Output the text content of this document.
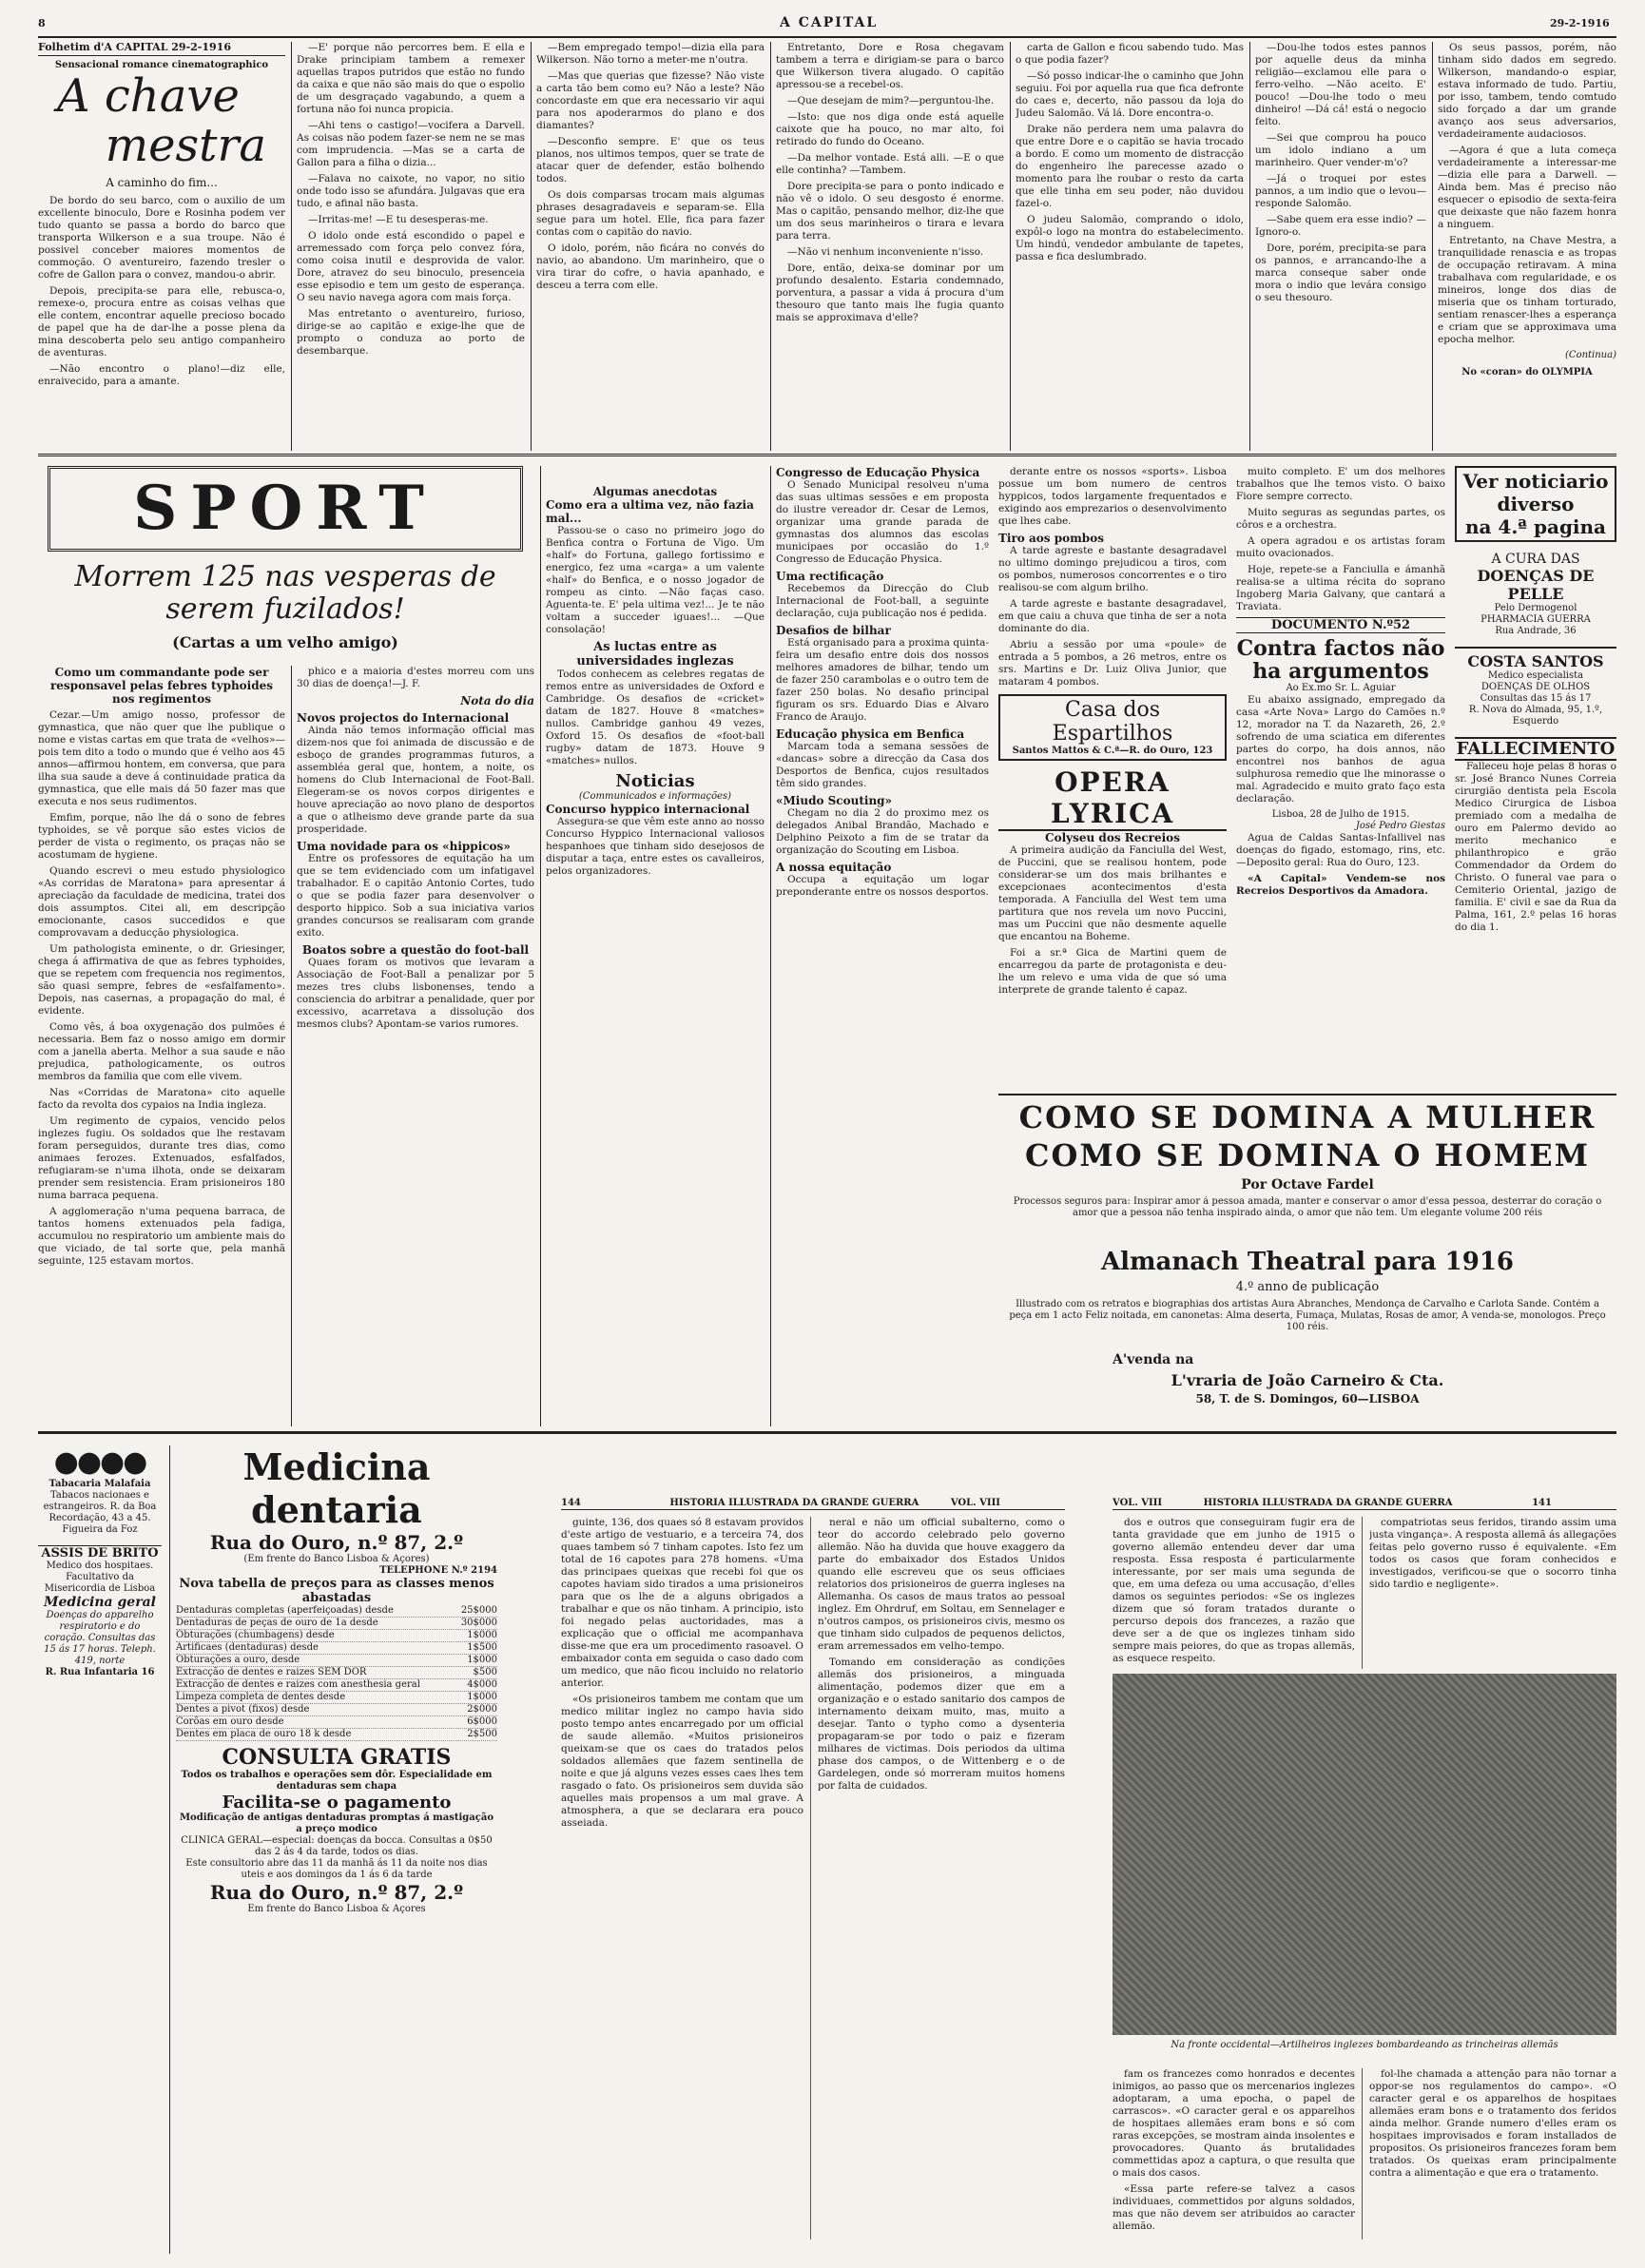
8	A CAPITAL	29-2-1916
Folhetim d'A CAPITAL 29-2-1916
Sensacional romance cinematographico
A chave
mestra
A caminho do fim...

De bordo do seu barco, com o auxilio de um excellente binoculo, Dore e Rosinha podem ver tudo quanto se passa a bordo do barco que transporta Wilkerson e a sua troupe. Não é possivel conceber maiores momentos de commoção. O aventureiro, fazendo tresler o cofre de Gallon para o convez, mandou-o abrir.

Depois, precipita-se para elle, rebusca-o, remexe-o, procura entre as coisas velhas que elle contem, encontrar aquelle precioso bocado de papel que ha de dar-lhe a posse plena da mina descoberta pelo seu antigo companheiro de aventuras.

—Não encontro o plano!—diz elle, enraivecido, para a amante.

—E' porque não percorres bem. E ella e Drake principiam tambem a remexer aquellas trapos putridos que estão no fundo da caixa e que não são mais do que o espolio de um desgraçado vagabundo, a quem a fortuna não foi nunca propicia.

—Ahi tens o castigo!—vocifera a Darvell. As coisas não podem fazer-se nem ne se mas com imprudencia. —Mas se a carta de Gallon para a filha o dizia...

—Falava no caixote, no vapor, no sitio onde todo isso se afundára. Julgavas que era tudo, e afinal não basta.

—Irritas-me! —E tu desesperas-me.

O idolo onde está escondido o papel e arremessado com força pelo convez fóra, como coisa inutil e desprovida de valor. Dore, atravez do seu binoculo, presenceia esse episodio e tem um gesto de esperança. O seu navio navega agora com mais força.

Mas entretanto o aventureiro, furioso, dirige-se ao capitão e exige-lhe que de prompto o conduza ao porto de desembarque.

—Bem empregado tempo!—dizia ella para Wilkerson. Não torno a meter-me n'outra.

—Mas que querias que fizesse? Não viste a carta tão bem como eu? Não a leste? Não concordaste em que era necessario vir aqui para nos apoderarmos do plano e dos diamantes?

—Desconfio sempre. E' que os teus planos, nos ultimos tempos, quer se trate de atacar quer de defender, estão bolhendo todos.

Os dois comparsas trocam mais algumas phrases desagradaveis e separam-se. Ella segue para um hotel. Elle, fica para fazer contas com o capitão do navio.

O idolo, porém, não ficára no convés do navio, ao abandono. Um marinheiro, que o vira tirar do cofre, o havia apanhado, e desceu a terra com elle.

Entretanto, Dore e Rosa chegavam tambem a terra e dirigiam-se para o barco que Wilkerson tivera alugado. O capitão apressou-se a recebel-os.

—Que desejam de mim?—perguntou-lhe.

—Isto: que nos diga onde está aquelle caixote que ha pouco, no mar alto, foi retirado do fundo do Oceano.

—Da melhor vontade. Está alli. —E o que elle continha? —Tambem.

Dore precipita-se para o ponto indicado e não vê o idolo. O seu desgosto é enorme. Mas o capitão, pensando melhor, diz-lhe que um dos seus marinheiros o tirara e levara para terra.

—Não vi nenhum inconveniente n'isso.

Dore, então, deixa-se dominar por um profundo desalento. Estaria condemnado, porventura, a passar a vida á procura d'um thesouro que tanto mais lhe fugia quanto mais se approximava d'elle?

carta de Gallon e ficou sabendo tudo. Mas o que podia fazer?

—Só posso indicar-lhe o caminho que John seguiu. Foi por aquella rua que fica defronte do caes e, decerto, não passou da loja do Judeu Salomão. Vá lá. Dore encontra-o.

Drake não perdera nem uma palavra do que entre Dore e o capitão se havia trocado a bordo. E como um momento de distracção do engenheiro lhe parecesse azado o momento para lhe roubar o resto da carta que elle tinha em seu poder, não duvidou fazel-o.

O judeu Salomão, comprando o idolo, expôl-o logo na montra do estabelecimento. Um hindú, vendedor ambulante de tapetes, passa e fica deslumbrado.

—Dou-lhe todos estes pannos por aquelle deus da minha religião—exclamou elle para o ferro-velho. —Não aceito. E' pouco! —Dou-lhe todo o meu dinheiro! —Dá cá! está o negocio feito.

—Sei que comprou ha pouco um idolo indiano a um marinheiro. Quer vender-m'o?

—Já o troquei por estes pannos, a um indio que o levou—responde Salomão.

—Sabe quem era esse indio? —Ignoro-o.

Dore, porém, precipita-se para os pannos, e arrancando-lhe a marca conseque saber onde mora o indio que levára consigo o seu thesouro.

Os seus passos, porém, não tinham sido dados em segredo. Wilkerson, mandando-o espiar, estava informado de tudo. Partiu, por isso, tambem, tendo comtudo sido forçado a dar um grande avanço aos seus adversarios, verdadeiramente audaciosos.

—Agora é que a luta começa verdadeiramente a interessar-me—dizia elle para a Darwell. —Ainda bem. Mas é preciso não esquecer o episodio de sexta-feira que deixaste que não fazem honra a ninguem.

Entretanto, na Chave Mestra, a tranquilidade renascia e as tropas de occupação retiravam. A mina trabalhava com regularidade, e os mineiros, longe dos dias de miseria que os tinham torturado, sentiam renascer-lhes a esperança e criam que se approximava uma epocha melhor.

(Continua)
No «coran» do OLYMPIA
SPORT
Morrem 125 nas vesperas de serem fuzilados!
(Cartas a um velho amigo)
Como um commandante pode ser responsavel pelas febres typhoides nos regimentos

Cezar.—Um amigo nosso, professor de gymnastica, que não quer que lhe publique o nome e vistas cartas em que trata de «velhos»—pois tem dito a todo o mundo que é velho aos 45 annos—affirmou hontem, em conversa, que para ilha sua saude a deve á continuidade pratica da gymnastica, que elle mais dá 50 fazer mas que executa e nos seus rudimentos.

Emfim, porque, não lhe dá o sono de febres typhoides, se vê porque são estes vicios de perder de vista o regimento, os praças não se acostumam de hygiene.

Quando escrevi o meu estudo physiologico «As corridas de Maratona» para apresentar á apreciação da faculdade de medicina, tratei dos dois assumptos. Citei ali, em descripção emocionante, casos succedidos e que comprovavam a deducção physiologica.

Um pathologista eminente, o dr. Griesinger, chega á affirmativa de que as febres typhoides, que se repetem com frequencia nos regimentos, são quasi sempre, febres de «esfalfamento». Depois, nas casernas, a propagação do mal, é evidente.

Como vês, á boa oxygenação dos pulmões é necessaria. Bem faz o nosso amigo em dormir com a janella aberta. Melhor a sua saude e não prejudica, pathologicamente, os outros membros da familia que com elle vivem.

Nas «Corridas de Maratona» cito aquelle facto da revolta dos cypaios na India ingleza.

Um regimento de cypaios, vencido pelos inglezes fugiu. Os soldados que lhe restavam foram perseguidos, durante tres dias, como animaes ferozes. Extenuados, esfalfados, refugiaram-se n'uma ilhota, onde se deixaram prender sem resistencia. Eram prisioneiros 180 numa barraca pequena.

A agglomeração n'uma pequena barraca, de tantos homens extenuados pela fadiga, accumulou no respiratorio um ambiente mais do que viciado, de tal sorte que, pela manhã seguinte, 125 estavam mortos.

phico e a maioria d'estes morreu com uns 30 dias de doença!—J. F.

Nota do dia
Novos projectos do Internacional

Ainda não temos informação official mas dizem-nos que foi animada de discussão e de esboço de grandes programmas futuros, a assembléa geral que, hontem, a noite, os homens do Club Internacional de Foot-Ball. Elegeram-se os novos corpos dirigentes e houve apreciação ao novo plano de desportos a que o atlheismo deve grande parte da sua prosperidade.

Uma novidade para os «hippicos»

Entre os professores de equitação ha um que se tem evidenciado com um infatigavel trabalhador. E o capitão Antonio Cortes, tudo o que se podia fazer para desenvolver o desporto hippico. Sob a sua iniciativa varios grandes concursos se realisaram com grande exito.

Boatos sobre a questão do foot-ball

Quaes foram os motivos que levaram a Associação de Foot-Ball a penalizar por 5 mezes tres clubs lisbonenses, tendo a consciencia do arbitrar a penalidade, quer por excessivo, acarretava a dissolução dos mesmos clubs? Apontam-se varios rumores.

Algumas anecdotas
Como era a ultima vez, não fazia mal...

Passou-se o caso no primeiro jogo do Benfica contra o Fortuna de Vigo. Um «half» do Fortuna, gallego fortissimo e energico, fez uma «carga» a um valente «half» do Benfica, e o nosso jogador de rompeu as cinto. —Não faças caso. Aguenta-te. E' pela ultima vez!... Je te não voltam a succeder iguaes!... —Que consolação!

As luctas entre as universidades inglezas

Todos conhecem as celebres regatas de remos entre as universidades de Oxford e Cambridge. Os desafios de «cricket» datam de 1827. Houve 8 «matches» nullos. Cambridge ganhou 49 vezes, Oxford 15. Os desafios de «foot-ball rugby» datam de 1873. Houve 9 «matches» nullos.

Noticias
(Communicados e informações)
Concurso hyppico internacional

Assegura-se que vêm este anno ao nosso Concurso Hyppico Internacional valiosos hespanhoes que tinham sido desejosos de disputar a taça, entre estes os cavalleiros, pelos organizadores.

Congresso de Educação Physica

O Senado Municipal resolveu n'uma das suas ultimas sessões e em proposta do ilustre vereador dr. Cesar de Lemos, organizar uma grande parada de gymnastas dos alumnos das escolas municipaes por occasião do 1.º Congresso de Educação Physica.

Uma rectificação

Recebemos da Direcção do Club Internacional de Foot-ball, a seguinte declaração, cuja publicação nos é pedida.

Desafios de bilhar

Está organisado para a proxima quinta-feira um desafio entre dois dos nossos melhores amadores de bilhar, tendo um de fazer 250 carambolas e o outro tem de fazer 250 bolas. No desafio principal figuram os srs. Eduardo Dias e Alvaro Franco de Araujo.

Educação physica em Benfica

Marcam toda a semana sessões de «dancas» sobre a direcção da Casa dos Desportos de Benfica, cujos resultados têm sido grandes.

«Miudo Scouting»

Chegam no dia 2 do proximo mez os delegados Anibal Brandão, Machado e Delphino Peixoto a fim de se tratar da organização do Scouting em Lisboa.

A nossa equitação

Occupa a equitação um logar preponderante entre os nossos desportos.

derante entre os nossos «sports». Lisboa possue um bom numero de centros hyppicos, todos largamente frequentados e exigindo aos emprezarios o desenvolvimento que lhes cabe.

Tiro aos pombos

A tarde agreste e bastante desagradavel no ultimo domingo prejudicou a tiros, com os pombos, numerosos concorrentes e o tiro realisou-se com algum brilho.

A tarde agreste e bastante desagradavel, em que caiu a chuva que tinha de ser a nota dominante do dia.

Abriu a sessão por uma «poule» de entrada a 5 pombos, a 26 metros, entre os srs. Martins e Dr. Luiz Oliva Junior, que mataram 4 pombos.

Casa dos Espartilhos
Santos Mattos & C.ª—R. do Ouro, 123
OPERA LYRICA
Colyseu dos Recreios

A primeira audição da Fanciulla del West, de Puccini, que se realisou hontem, pode considerar-se um dos mais brilhantes e excepcionaes acontecimentos d'esta temporada. A Fanciulla del West tem uma partitura que nos revela um novo Puccini, mas um Puccini que não desmente aquelle que encantou na Boheme.

Foi a sr.ª Gica de Martini quem de encarregou da parte de protagonista e deu-lhe um relevo e uma vida de que só uma interprete de grande talento é capaz.

muito completo. E' um dos melhores trabalhos que lhe temos visto. O baixo Fiore sempre correcto.

Muito seguras as segundas partes, os côros e a orchestra.

A opera agradou e os artistas foram muito ovacionados.

Hoje, repete-se a Fanciulla e ámanhã realisa-se a ultima récita do soprano Ingoberg Maria Galvany, que cantará a Traviata.

DOCUMENTO N.º52
Contra factos não ha argumentos
Ao Ex.mo Sr. L. Aguiar

Eu abaixo assignado, empregado da casa «Arte Nova» Largo do Camões n.º 12, morador na T. da Nazareth, 26, 2.º sofrendo de uma sciatica em diferentes partes do corpo, ha dois annos, não encontrei nos banhos de agua sulphurosa remedio que lhe minorasse o mal. Agradecido e muito grato faço esta declaração.

Lisboa, 28 de Julho de 1915.
José Pedro Giestas

Agua de Caldas Santas-Infallivel nas doenças do figado, estomago, rins, etc. —Deposito geral: Rua do Ouro, 123.

«A Capital» Vendem-se nos Recreios Desportivos da Amadora.

Ver noticiario
diverso
na 4.ª pagina
A CURA DAS
DOENÇAS DE PELLE
Pelo Dermogenol
PHARMACIA GUERRA
Rua Andrade, 36
COSTA SANTOS
Medico especialista
DOENÇAS DE OLHOS
Consultas das 15 ás 17
R. Nova do Almada, 95, 1.º, Esquerdo
FALLECIMENTO

Falleceu hoje pelas 8 horas o sr. José Branco Nunes Correia cirurgião dentista pela Escola Medico Cirurgica de Lisboa premiado com a medalha de ouro em Palermo devido ao merito mechanico e philanthropico e grão Commendador da Ordem do Christo. O funeral vae para o Cemiterio Oriental, jazigo de familia. E' civil e sae da Rua da Palma, 161, 2.º pelas 16 horas do dia 1.

COMO SE DOMINA A MULHER
COMO SE DOMINA O HOMEM
Por Octave Fardel
Processos seguros para: Inspirar amor á pessoa amada, manter e conservar o amor d'essa pessoa, desterrar do coração o amor que a pessoa não tenha inspirado ainda, o amor que não tem. Um elegante volume 200 réis
Almanach Theatral para 1916
4.º anno de publicação
Illustrado com os retratos e biographias dos artistas Aura Abranches, Mendonça de Carvalho e Carlota Sande. Contém a peça em 1 acto Feliz noitada, em canonetas: Alma deserta, Fumaça, Mulatas, Rosas de amor, A venda-se, monologos. Preço 100 réis.
A'venda na
L'vraria de João Carneiro & Cta.
58, T. de S. Domingos, 60—LISBOA
●●●●
Tabacaria Malafaia
Tabacos nacionaes e estrangeiros. R. da Boa Recordação, 43 a 45. Figueira da Foz
ASSIS DE BRITO
Medico dos hospitaes. Facultativo da Misericordia de Lisboa
Medicina geral
Doenças do apparelho respiratorio e do coração. Consultas das 15 ás 17 horas. Teleph. 419, norte
R. Rua Infantaria 16
Medicina dentaria
Rua do Ouro, n.º 87, 2.º
(Em frente do Banco Lisboa & Açores)
TELEPHONE N.º 2194
Nova tabella de preços para as classes menos abastadas
Dentaduras completas (aperfeiçoadas) desde	25$000
Dentaduras de peças de ouro de 1a desde	30$000
Obturações (chumbagens) desde	1$000
Artificaes (dentaduras) desde	1$500
Obturações a ouro, desde	1$000
Extracção de dentes e raizes SEM DOR	$500
Extracção de dentes e raizes com anesthesia geral	4$000
Limpeza completa de dentes desde	1$000
Dentes a pivot (fixos) desde	2$000
Corôas em ouro desde	6$000
Dentes em placa de ouro 18 k desde	2$500
CONSULTA GRATIS
Todos os trabalhos e operações sem dôr. Especialidade em dentaduras sem chapa
Facilita-se o pagamento
Modificação de antigas dentaduras promptas á mastigação a preço modico
CLINICA GERAL—especial: doenças da bocca. Consultas a 0$50 das 2 ás 4 da tarde, todos os dias.
Este consultorio abre das 11 da manhã ás 11 da noite nos dias uteis e aos domingos da 1 ás 6 da tarde
Rua do Ouro, n.º 87, 2.º
Em frente do Banco Lisboa & Açores
144	HISTORIA ILLUSTRADA DA GRANDE GUERRA	VOL. VIII	VOL. VIII	HISTORIA ILLUSTRADA DA GRANDE GUERRA	141

guinte, 136, dos quaes só 8 estavam providos d'este artigo de vestuario, e a terceira 74, dos quaes tambem só 7 tinham capotes. Isto fez um total de 16 capotes para 278 homens. «Uma das principaes queixas que recebi foi que os capotes haviam sido tirados a uma prisioneiros para que os lhe de a alguns obrigados a trabalhar e que os não tinham. A principio, isto foi negado pelas auctoridades, mas a explicação que o official me acompanhava disse-me que era um procedimento rasoavel. O embaixador conta em seguida o caso dado com um medico, que não ficou incluido no relatorio anterior.

«Os prisioneiros tambem me contam que um medico militar inglez no campo havia sido posto tempo antes encarregado por um official de saude allemão. «Muitos prisioneiros queixam-se que os caes do tratados pelos soldados allemães que fazem sentinella de noite e que já alguns vezes esses caes lhes tem rasgado o fato. Os prisioneiros sem duvida são aquelles mais propensos a um mal grave. A atmosphera, a que se declarara era pouco asseiada.

neral e não um official subalterno, como o teor do accordo celebrado pelo governo allemão. Não ha duvida que houve exaggero da parte do embaixador dos Estados Unidos quando elle escreveu que os seus officiaes relatorios dos prisioneiros de guerra ingleses na Allemanha. Os casos de maus tratos ao pessoal inglez. Em Ohrdruf, em Soltau, em Sennelager e n'outros campos, os prisioneiros civis, mesmo os que tinham sido culpados de pequenos delictos, eram arremessados em velho-tempo.

Tomando em consideração as condições allemãs dos prisioneiros, a minguada alimentação, podemos dizer que em a organização e o estado sanitario dos campos de internamento deixam muito, mas, muito a desejar. Tanto o typho como a dysenteria propagaram-se por todo o paiz e fizeram milhares de victimas. Dois periodos da ultima phase dos campos, o de Wittenberg e o de Gardelegen, onde só morreram muitos homens por falta de cuidados.

dos e outros que conseguiram fugir era de tanta gravidade que em junho de 1915 o governo allemão entendeu dever dar uma resposta. Essa resposta é particularmente interessante, por ser mais uma segunda de que, em uma defeza ou uma accusação, d'elles damos os seguintes periodos: «Se os inglezes dizem que só foram tratados durante o percurso depois dos francezes, a razão que deve ser a de que os inglezes tinham sido sempre mais peiores, do que as tropas allemãs, as esquece respeito.

compatriotas seus feridos, tirando assim uma justa vingança». A resposta allemã ás allegações feitas pelo governo russo é equivalente. «Em todos os casos que foram conhecidos e investigados, verificou-se que o socorro tinha sido tardio e negligente».

Na fronte occidental—Artilheiros inglezes bombardeando as trincheiras allemãs

fam os francezes como honrados e decentes inimigos, ao passo que os mercenarios inglezes adoptaram, a uma epocha, o papel de carrascos». «O caracter geral e os apparelhos de hospitaes allemães eram bons e só com raras excepções, se mostram ainda insolentes e provocadores. Quanto ás brutalidades commettidas apoz a captura, o que resulta que o mais dos casos.

«Essa parte refere-se talvez a casos individuaes, commettidos por alguns soldados, mas que não devem ser atribuidos ao caracter allemão.

fol-lhe chamada a attenção para não tornar a oppor-se nos regulamentos do campo». «O caracter geral e os apparelhos de hospitaes allemães eram bons e o tratamento dos feridos ainda melhor. Grande numero d'elles eram os hospitaes improvisados e foram installados de propositos. Os prisioneiros francezes foram bem tratados. Os queixas eram principalmente contra a alimentação e que era o tratamento.
